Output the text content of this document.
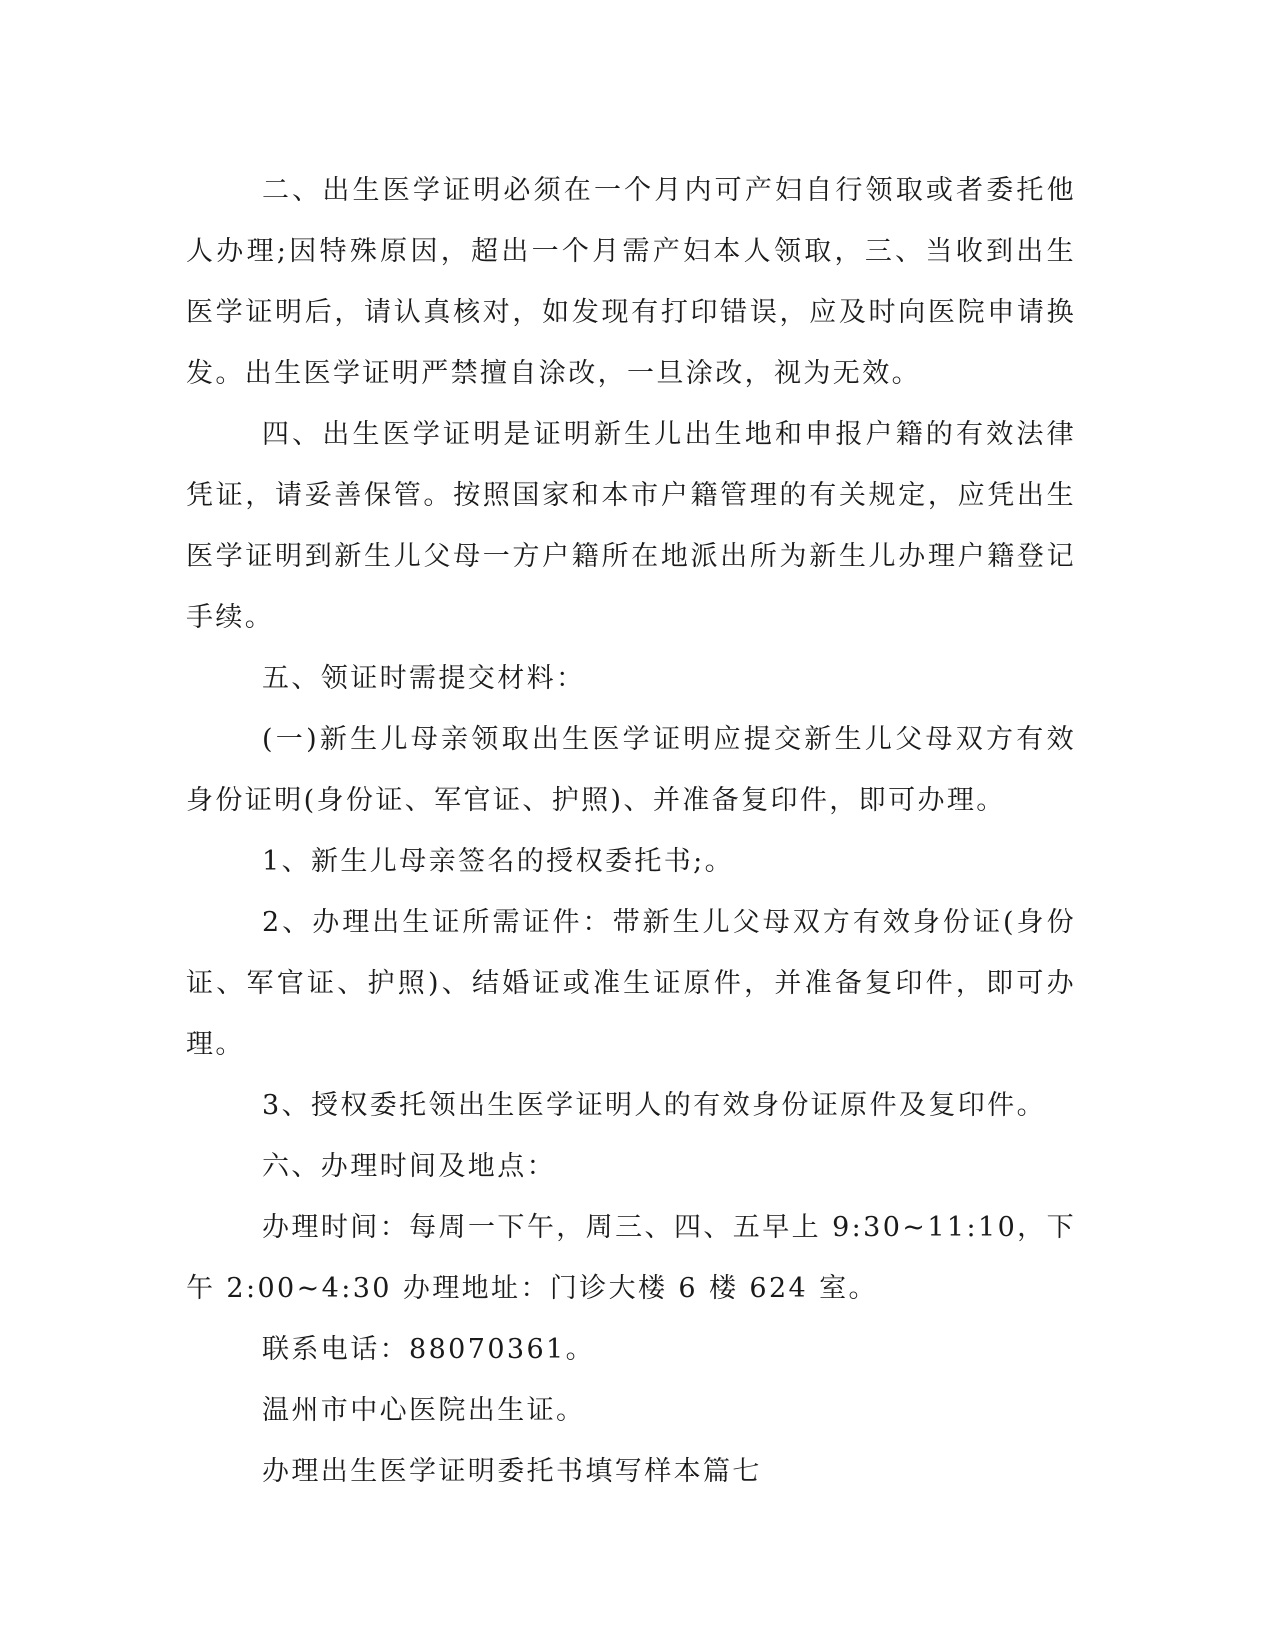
二、出生医学证明必须在一个月内可产妇自行领取或者委托他人办理;因特殊原因，超出一个月需产妇本人领取，三、当收到出生医学证明后，请认真核对，如发现有打印错误，应及时向医院申请换发。出生医学证明严禁擅自涂改，一旦涂改，视为无效。

四、出生医学证明是证明新生儿出生地和申报户籍的有效法律凭证，请妥善保管。按照国家和本市户籍管理的有关规定，应凭出生医学证明到新生儿父母一方户籍所在地派出所为新生儿办理户籍登记手续。

五、领证时需提交材料：

(一)新生儿母亲领取出生医学证明应提交新生儿父母双方有效身份证明(身份证、军官证、护照)、并准备复印件，即可办理。

1、新生儿母亲签名的授权委托书;。

2、办理出生证所需证件：带新生儿父母双方有效身份证(身份证、军官证、护照)、结婚证或准生证原件，并准备复印件，即可办理。

3、授权委托领出生医学证明人的有效身份证原件及复印件。

六、办理时间及地点：

办理时间：每周一下午，周三、四、五早上 9:30~11:10，下午 2:00~4:30 办理地址：门诊大楼 6 楼 624 室。

联系电话：88070361。

温州市中心医院出生证。

办理出生医学证明委托书填写样本篇七
